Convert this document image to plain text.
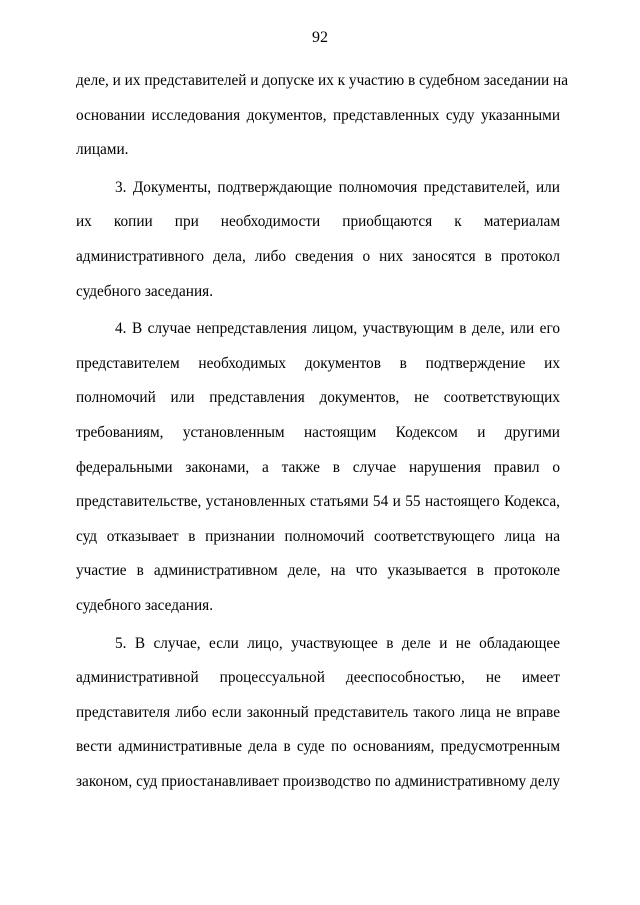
92
деле, и их представителей и допуске их к участию в судебном заседании на
основании исследования документов, представленных суду указанными
лицами.
3. Документы, подтверждающие полномочия представителей, или
их копии при необходимости приобщаются к материалам
административного дела, либо сведения о них заносятся в протокол
судебного заседания.
4. В случае непредставления лицом, участвующим в деле, или его
представителем необходимых документов в подтверждение их
полномочий или представления документов, не соответствующих
требованиям, установленным настоящим Кодексом и другими
федеральными законами, а также в случае нарушения правил о
представительстве, установленных статьями 54 и 55 настоящего Кодекса,
суд отказывает в признании полномочий соответствующего лица на
участие в административном деле, на что указывается в протоколе
судебного заседания.
5. В случае, если лицо, участвующее в деле и не обладающее
административной процессуальной дееспособностью, не имеет
представителя либо если законный представитель такого лица не вправе
вести административные дела в суде по основаниям, предусмотренным
законом, суд приостанавливает производство по административному делу
